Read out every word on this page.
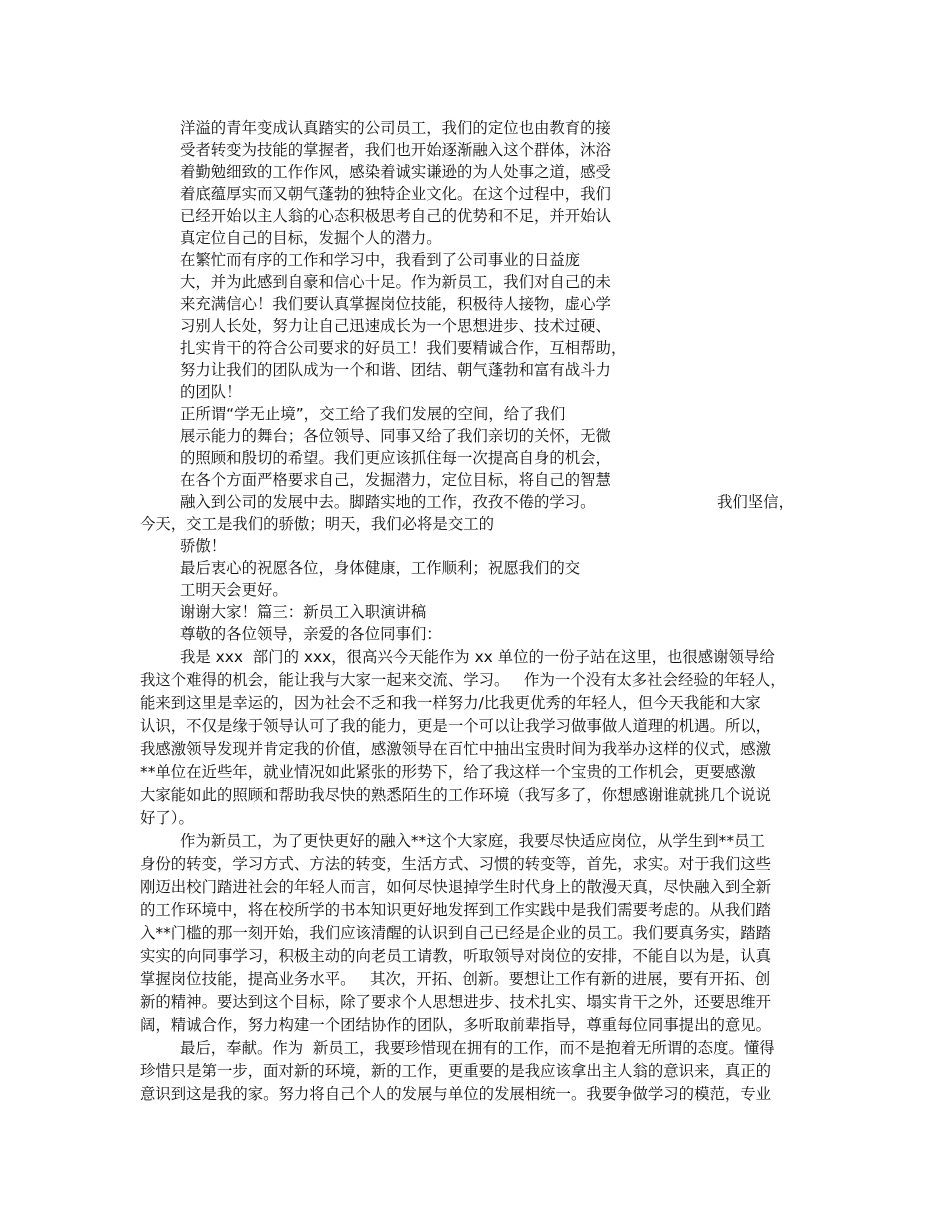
洋溢的青年变成认真踏实的公司员工，我们的定位也由教育的接

受者转变为技能的掌握者，我们也开始逐渐融入这个群体，沐浴

着勤勉细致的工作作风，感染着诚实谦逊的为人处事之道，感受

着底蕴厚实而又朝气蓬勃的独特企业文化。在这个过程中，我们

已经开始以主人翁的心态积极思考自己的优势和不足，并开始认

真定位自己的目标，发掘个人的潜力。

在繁忙而有序的工作和学习中，我看到了公司事业的日益庞

大，并为此感到自豪和信心十足。作为新员工，我们对自己的未

来充满信心！我们要认真掌握岗位技能，积极待人接物，虚心学

习别人长处，努力让自己迅速成长为一个思想进步、技术过硬、

扎实肯干的符合公司要求的好员工！我们要精诚合作，互相帮助，

努力让我们的团队成为一个和谐、团结、朝气蓬勃和富有战斗力

的团队！

正所谓“学无止境”，交工给了我们发展的空间，给了我们

展示能力的舞台；各位领导、同事又给了我们亲切的关怀，无微

的照顾和殷切的希望。我们更应该抓住每一次提高自身的机会，

在各个方面严格要求自己，发掘潜力，定位目标，将自己的智慧

融入到公司的发展中去。脚踏实地的工作，孜孜不倦的学习。	我们坚信，

今天，交工是我们的骄傲；明天，我们必将是交工的

骄傲！

最后衷心的祝愿各位，身体健康，工作顺利；祝愿我们的交

工明天会更好。

谢谢大家！篇三：新员工入职演讲稿

尊敬的各位领导，亲爱的各位同事们：

我是 xxx  部门的 xxx，很高兴今天能作为 xx 单位的一份子站在这里，也很感谢领导给

我这个难得的机会，能让我与大家一起来交流、学习。   作为一个没有太多社会经验的年轻人，

能来到这里是幸运的，因为社会不乏和我一样努力/比我更优秀的年轻人，但今天我能和大家

认识，不仅是缘于领导认可了我的能力，更是一个可以让我学习做事做人道理的机遇。所以，

我感激领导发现并肯定我的价值，感激领导在百忙中抽出宝贵时间为我举办这样的仪式，感激

**单位在近些年，就业情况如此紧张的形势下，给了我这样一个宝贵的工作机会，更要感激

大家能如此的照顾和帮助我尽快的熟悉陌生的工作环境（我写多了，你想感谢谁就挑几个说说

好了）。

作为新员工，为了更快更好的融入**这个大家庭，我要尽快适应岗位，从学生到**员工

身份的转变，学习方式、方法的转变，生活方式、习惯的转变等，首先，求实。对于我们这些

刚迈出校门踏进社会的年轻人而言，如何尽快退掉学生时代身上的散漫天真，尽快融入到全新

的工作环境中，将在校所学的书本知识更好地发挥到工作实践中是我们需要考虑的。从我们踏

入**门槛的那一刻开始，我们应该清醒的认识到自己已经是企业的员工。我们要真务实，踏踏

实实的向同事学习，积极主动的向老员工请教，听取领导对岗位的安排，不能自以为是，认真

掌握岗位技能，提高业务水平。   其次，开拓、创新。要想让工作有新的进展，要有开拓、创

新的精神。要达到这个目标，除了要求个人思想进步、技术扎实、塌实肯干之外，还要思维开

阔，精诚合作，努力构建一个团结协作的团队，多听取前辈指导，尊重每位同事提出的意见。

最后，奉献。作为  新员工，我要珍惜现在拥有的工作，而不是抱着无所谓的态度。懂得

珍惜只是第一步，面对新的环境，新的工作，更重要的是我应该拿出主人翁的意识来，真正的

意识到这是我的家。努力将自己个人的发展与单位的发展相统一。我要争做学习的模范，专业
